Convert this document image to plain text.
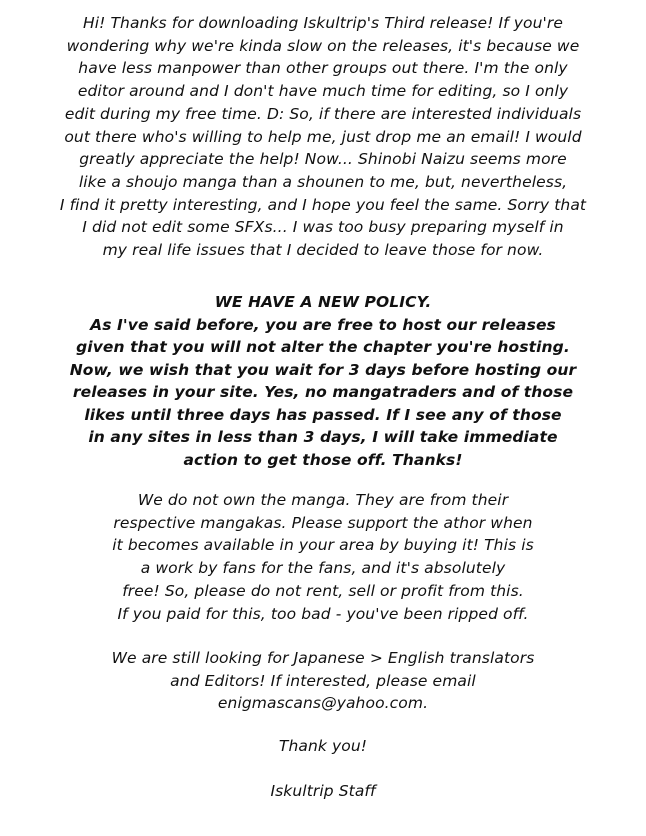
Hi! Thanks for downloading Iskultrip's Third release! If you're
wondering why we're kinda slow on the releases, it's because we
have less manpower than other groups out there. I'm the only
editor around and I don't have much time for editing, so I only
edit during my free time. D: So, if there are interested individuals
out there who's willing to help me, just drop me an email! I would
greatly appreciate the help! Now... Shinobi Naizu seems more
like a shoujo manga than a shounen to me, but, nevertheless,
I find it pretty interesting, and I hope you feel the same. Sorry that
I did not edit some SFXs... I was too busy preparing myself in
my real life issues that I decided to leave those for now.
WE HAVE A NEW POLICY.
As I've said before, you are free to host our releases
given that you will not alter the chapter you're hosting.
Now, we wish that you wait for 3 days before hosting our
releases in your site. Yes, no mangatraders and of those
likes until three days has passed. If I see any of those
in any sites in less than 3 days, I will take immediate
action to get those off. Thanks!
We do not own the manga. They are from their
respective mangakas. Please support the athor when
it becomes available in your area by buying it! This is
a work by fans for the fans, and it's absolutely
free! So, please do not rent, sell or profit from this.
If you paid for this, too bad - you've been ripped off.
We are still looking for Japanese > English translators
and Editors! If interested, please email
enigmascans@yahoo.com.
Thank you!
Iskultrip Staff
